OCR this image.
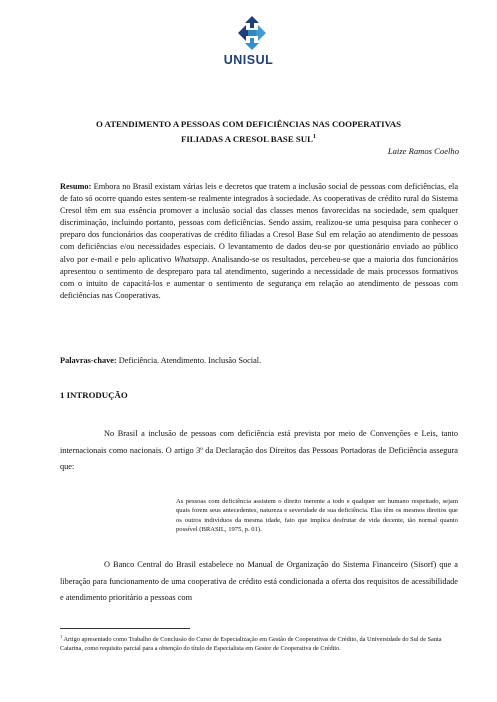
UNISUL
O ATENDIMENTO A PESSOAS COM DEFICIÊNCIAS NAS COOPERATIVAS
FILIADAS A CRESOL BASE SUL$^1$
Laize Ramos Coelho
Resumo: Embora no Brasil existam várias leis e decretos que tratem a inclusão social de pessoas com deficiências, ela de fato só ocorre quando estes sentem-se realmente integrados à sociedade. As cooperativas de crédito rural do Sistema Cresol têm em sua essência promover a inclusão social das classes menos favorecidas na sociedade, sem qualquer discriminação, incluindo portanto, pessoas com deficiências. Sendo assim, realizou-se uma pesquisa para conhecer o preparo dos funcionários das cooperativas de crédito filiadas a Cresol Base Sul em relação ao atendimento de pessoas com deficiências e/ou necessidades especiais. O levantamento de dados deu-se por questionário enviado ao público alvo por e-mail e pelo aplicativo Whatsapp. Analisando-se os resultados, percebeu-se que a maioria dos funcionários apresentou o sentimento de despreparo para tal atendimento, sugerindo a necessidade de mais processos formativos com o intuito de capacitá-los e aumentar o sentimento de segurança em relação ao atendimento de pessoas com deficiências nas Cooperativas.
Palavras-chave: Deficiência. Atendimento. Inclusão Social.
1 INTRODUÇÃO
No Brasil a inclusão de pessoas com deficiência está prevista por meio de Convenções e Leis, tanto internacionais como nacionais. O artigo 3º da Declaração dos Direitos das Pessoas Portadoras de Deficiência assegura que:
As pessoas com deficiência assistem o direito inerente a todo e qualquer ser humano respeitado, sejam quais forem seus antecedentes, natureza e severidade de sua deficiência. Elas têm os mesmos direitos que os outros indivíduos da mesma idade, fato que implica desfrutar de vida decente, tão normal quanto possível (BRASIL, 1975, p. 01).
O Banco Central do Brasil estabelece no Manual de Organização do Sistema Financeiro (Sisorf) que a liberação para funcionamento de uma cooperativa de crédito está condicionada a oferta dos requisitos de acessibilidade e atendimento prioritário a pessoas com
$^1$ Artigo apresentado como Trabalho de Conclusão do Curso de Especialização em Gestão de Cooperativas de Crédito, da Universidade do Sul de Santa Catarina, como requisito parcial para a obtenção do título de Especialista em Gestor de Cooperativa de Crédito.
